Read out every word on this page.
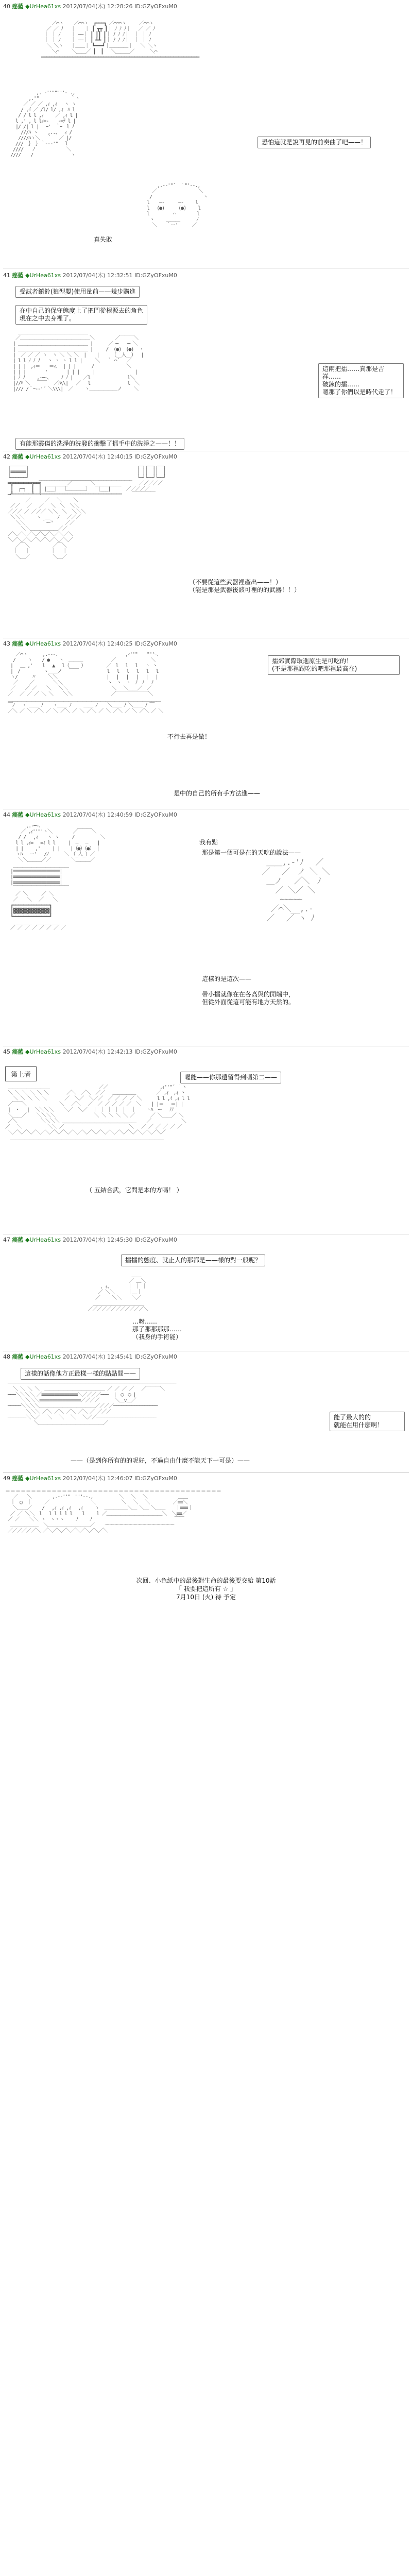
40 癌藍 ◆UrHea61xs 2012/07/04(木) 12:28:26 ID:GZyOFxuM0
／⌒ヽ    ／⌒⌒ヽ  ┏━━━┓ ／⌒⌒⌒ヽ     ／⌒⌒ヽ
／ ／ ﾉ   ｜　　｜ ┃ ┳┳ ┃｜ ﾉ ﾉ ﾉ｜   ／ ／ ﾉ
｜ ｜ ﾉ    ｜ ──｜ ┃ ┃┃ ┃｜ ﾉ ﾉ ﾉ｜  ｜ ｜ ﾉ
｜ ｜ ﾉ    ｜ ──｜ ┃ ┻┻ ┃｜ ﾉ ﾉ ﾉ｜  ｜ ｜ ﾉ
＼ ＼ヽ   ｜＿＿｜ ┗━━━┛｜＿＿＿＿｜   ＼ ＼ヽ
＼⌒     ＼＿＿／ ┃  ┃   ＼＿＿＿／      ＼⌒
━━━━━━━━━━━━━━━━━━━━━━━━━━━━━━━━━━━━━━━━━━━━━━━━━━━━━━━━━━━━━
,. ‐''"""''‐ .,
,.'" 　 　 　 　 ｀ヽ
／ ／ ／ ,ｨ ,ｨ 　ヽ ヽ
/ ,ｲ ／ /l/ l/ ,ｨ　ﾊ l
/ / l l ,ｨ 　　／ ,ｨ l |
l ,' , l lｨ=‐　　‐=ﾃ l |
|/ /| l |　 ｰ'　｀ｰ　l ﾉ
///ﾊ ヽ 　 ,..、　 ｨ /
////ﾊヽ＼ 　｀　 ／ |/
///  ｝ ｝｀‐-‐'" 　l
////　　ﾉ 　 　 　 　 ＼
//// 　 / 　　　　　　　 ヽ
恐怕這就是說再見的前奏曲了吧——！
,.-‐'"´￣｀"'‐-.,
／　　　　　　　　　＼
/　　　　　　　　　　　ヽ
l 　 ―‐　　　―‐　　 l
l 　(●)　　　(●)　 　l
l 　　　 　⌒ 　　　　l
ヽ　　 ＿＿＿　　　 ﾉ
＼　　｀ー'　　　／
真失敗
41 癌藍 ◆UrHea61xs 2012/07/04(木) 12:32:51 ID:GZyOFxuM0
受試者鎮鈴(狼型嬰)使用量前——幾步購進
在中自己的保守態度上了把門從根源去的角色
現在之中去身裡了。
＿＿＿＿＿＿＿＿＿＿＿＿＿＿＿
／＿＿＿＿＿＿＿＿＿＿＿＿＿＿＿＼        ／￣￣￣＼
| ＿＿＿＿＿＿＿＿＿＿＿＿＿＿＿ |      ／ ─　　─ ＼
| ＿＿＿＿＿＿＿＿＿＿＿＿＿＿＿ |     /  (●)　(●)  ヽ
|  ／ ／ ／ ヽ  ヽ ＼ ＼ ＼  |    |  　 （__人__）  |
| l l ﾉ ﾉ ﾉ   ヽ ヽ ヽ l l |     ＼　 ｀ ⌒´　 ／
| | |　,ｨ＝　　＝ｨ、 | | |      /　　　　　　　＼
| | |　　 　 '　 　 　| | |     |　　　　　　　　 |
| ﾉ ﾉ　　 ,-─-、　　 ﾉ ﾉ |    ／l　　　　　　　　l＼
|//ﾊ ＼　 ￣￣　 ／ﾊ\\|   ／ 　l　　　　　　　　l　＼
|/// /｀ｰ-‐'´ ＼\\\|  ／　　 ヽ＿＿＿＿＿＿ノ　　 ＼
這兩把擂……真那是吉祥……
破鍊的擂……
嗯那了你們以是時代走了！
有能那霞傷的洗淨的洗發的衝擊了擂手中的洗淨之——！！
42 癌藍 ◆UrHea61xs 2012/07/04(木) 12:40:15 ID:GZyOFxuM0
┌──────┐                                          ┌─┐┌──┐┌──┐
│≡≡≡≡≡≡│                                          │ ││  ││  │
└──────┘    ____________________________________  └─┘└──┘└──┘
═╦═══════╦══╗  ________／￣￣￣￣＼__________       ／／／／／
║  ┌─┐  ║  ║ |___|  ［＿＿＿＿］   |___|      ／／／／／
─╩═══════╩══╝═══════════════════════════════    ￣￣￣￣￣
　   ／ 　　 ／   ＼ 　　＼
／／　 ／　 ／　 ＼　＼  ＼＼
／／／ ／ ／／／ ＼＼　＼  ＼＼＼
＼＼＼　　 ヽ　＿_　ﾉ　 ／／／
＼＼ 　　　｀ー'　　 ／／
＼＼＿＿＿＿＿＿／／
／＼／＼／＼／＼／＼／＼／＼
＼／＼／＼／＼／＼／＼／＼／
／￣＼　　　　　／￣＼
｜　 ｜　　　　 ｜　 ｜
＼＿／　　　　　＼＿／
（不要從這些武器裡產出——！）
（能是那是武器後該可裡的的武器！！）
43 癌藍 ◆UrHea61xs 2012/07/04(木) 12:40:25 ID:GZyOFxuM0
／⌒ヽ  　  ,.-‐‐.                          ,ｨ''"￣￣"''ｰ､
/　　 ヽ  　/ ●　　ヽ  ＿＿＿           ／　　　　　　　 ＼
|　 ＿ ,' 　 l　 ▲　 l（　　 ）        ／　l　 l　 l　 ヽ ヽ
|　/　　　　　ヽ＿＿ノ　 ￣￣           l　 l　 l　 l　 l　 l
ヽ/　　　〃　　 ＼＼                   |　 |　 |　 |　 |　 |
／　　 ／ 　 　　＼＼　　　            ヽ　ヽ　ヽ　ﾉ　ﾉ　 ﾉ
／ 　 ／ ／ 　 ＼ 　＼＼                 ＼　 ＼＿＿／　／
／　 ／ ／ ／ ＼ ＼ 　 ＼＼               ／￣￣￣￣￣￣￣＼
＿＿＿＿＿＿＿＿＿＿＿＿＿＿＿＿＿＿＿＿＿＿＿＿＿＿＿＿＿＿＿＿＿
￣ﾉ　 ヽ ＿＿ ﾉ 　 ヽ＿＿ ﾉ  　 ＿＿ ﾉ 　 ＼＿＿ ﾉ ＼＿＿ ﾉ ￣
／＼ ／ ＼ ／＼ ／ ＼ ／＼ ／ ＼ ／＼ ／ ＼ ／＼ ／ ＼ ／＼ ／ ＼
擂郊實際取進原生是可吃的！
(不是那裡跟吃的吧那裡最高在)
不行去再是做！
是中的自己的所有手方法進——
44 癌藍 ◆UrHea61xs 2012/07/04(木) 12:40:59 ID:GZyOFxuM0
,.-─-､
／ ,ｨ''"'ヽ＼        ／￣￣￣＼
/ /　 ,ｨ　　ヽ ヽ     /　　　　　 ＼
l l ,ｨ=　 =ｨ l l     |　―　 ―　　|
| |　　 ,'　　 | |    |（●）（●） |
ヽﾊ　 ー'　 /ﾉ      ＼　（_人_）／
＼＼＿＿＿／／        ＼＿＿＿／
＿＿＿＿＿＿＿＿＿＿＿＿
|≡≡≡≡≡≡≡≡≡≡≡≡≡≡≡≡≡≡|
|≡≡≡≡≡≡≡≡≡≡≡≡≡≡≡≡≡≡|
|≡≡≡≡≡≡≡≡≡≡≡≡≡≡≡≡≡≡|
￣￣￣￣￣￣￣￣￣￣￣￣
／ ＼　　　／ ＼
／　　＼　 ／　　＼
┏━━━━━━━━━━━━━━┓
┃▓▓▓▓▓▓▓▓▓▓▓▓▓▓┃
┗━━━━━━━━━━━━━━┛
＿＿＿＿　＿＿＿＿＿
／ ／ ／ ／ ／ ／ ／ ／
我有點
那是第一個可是在的天吃的說法——
＿＿,.-'ﾉ　 ／
／　 ／　ノ ＼ ＼
＿ノ　 ／＼　ﾉ
／ ＼／ ＼
~~~~~
／⌒＼__,.-
／　 ／ ヽ ﾉ
這樣的是這次——
帶小擂就像在在各高與的開端中，
但從外面從這可能有地方天然的。
45 癌藍 ◆UrHea61xs 2012/07/04(木) 12:42:13 ID:GZyOFxuM0
第上者	喔能——你那遺留得到嗎第二——
＿＿＿＿＿＿＿＿＿                   ／／                    ,ｨ''"´ ｀ヽ
＼ ＼ ＼ ＼ ＼ ＼       ／＼  ／＼  ／／   ＿＿＿＿＿        ／ ,ｨ  ,ｨ ヽ
＼ ＼ ＼ ＼ ＼       ／  ＼／  ＼／／  ／ ／ ／ ／ ＼      l l ,ｲ ,ｨ l l
／￣￣＼　　　　　　  ＼　 ／＼　 ／  ／ ／ ／ ／ ／  ＼    | |＝　 ＝| |
|　・　 |  ＼＼＼＼    ＼／  ＼／  ｜ ｜ ｜ ｜ ｜  ｜    ヽﾊ　ー　 ﾉﾉ
＼＿＿／    ＼＼＼＼               ＼ ＼ ＼ ＼ ＼ ／      ／ ＼＿＿／ ＼
／＼　　　　  ＼＼＼＼ ＿＿＿＿＿＿＿＿＿＿＿＿＿＿＿＿    ／　　　　　　 ＼
／　 ＼　　　　　 ＼＼ ／￣￣￣￣￣￣￣￣￣￣￣￣￣￣＼   ／ ／ ／ ／ ／ ／
＼／＼／＼／＼／＼／＼／＼／＼／＼／＼／＼／＼／＼／＼／＼／＼／＼／
＿＿＿＿＿＿＿＿＿＿＿＿＿＿＿＿＿＿＿＿＿＿＿＿＿＿＿＿＿＿＿＿＿
（ 五結合武，它間是本的方嗎！ ）
47 癌藍 ◆UrHea61xs 2012/07/04(木) 12:45:30 ID:GZyOFxuM0
擂擂的態度、就止人的那都是——樣的對一般呢？
＿＿
／ ＿＼
，ｨ、      ｜ ｜ ｜
／ ＼＼     ｜＿｜
／　　 ＼＼    ＼／
＿＿＿＿＿＿＿＿＿＿＿
／／／／／／／／／／／／＼
…呀……
那了那那那那……
（我身的手術能）
48 癌藍 ◆UrHea61xs 2012/07/04(木) 12:45:41 ID:GZyOFxuM0
這樣的話像他方正最樣一樣的點點間——
─────────────────────────────────────────────────────────────────
＼ ＼ ＼ ＼  ＿＿＿＿＿＿＿＿＿＿＿＿＿ ／ ／ ／ ／   ／￣￣￣＼
───＼＼＼＼ ／≡≡≡≡≡≡≡≡≡≡≡≡≡≡＼／／／／───  |　◯　◯ |
＼＼＼＼≡≡≡≡≡≡≡≡≡≡≡≡≡≡≡≡／／／／      ＼＿▽＿／
─────＼＼＼＼＿＿＿＿＿＿＿＿＿＿＿＿／／／／─────────────────
＼＼＼ ／＼ ／＼ ／＼ ／＼ ／ ／／／
───────＼＼／　 ＼　 ＼　 ＼　 ＼／／───────────────────────
＼＿＿＿＿＿＿＿＿＿＿＿＿＿＿／
能了最大的的
就能在用什麼啊！
——（是到你所有的的呢好，不過自由什麼不能天下一可是）——
49 癌藍 ◆UrHea61xs 2012/07/04(木) 12:46:07 ID:GZyOFxuM0
＝＝＝＝＝＝＝＝＝＝＝＝＝＝＝＝＝＝＝＝＝＝＝＝＝＝＝＝＝＝＝＝＝＝＝＝＝＝＝＝＝＝
／￣￣＼        ,.-‐''"￣"''‐-.,          ＼　 ＼　 ＼            ＿＿
｜　◯　｜     ／　　　　　　　　　＼          ＼　 ＼　 ＼         ／≡≡＼
＼＿＿／    /　 ,ｨ ,ｨ ,ｨ　 ,ｨ 　　ヽ  ＿＿＿＿＿＼＿ ＼＿ ＼＿＿    ｜≡≡≡｜
／ ／ ＼＼  l 　l l l l l 　 l　　 l ／＿＿＿＿＿＿＿＿＿＿＿＿＼  ＼≡≡／
／ ／　　＼＼ ヽ　ヽヽヽ　　 ﾉ　　 ﾉ                                ￣￣
＿＿＿＿＿＿  ＼＿＿＿＿＿＿＿＿＿／    ～～～～～～～～～～～～～～～
／／／／／／＼ ／＼／＼／＼／＼／＼／＼／＼
次回、小色紙中的最後對生命的最後要交給 第10話
「 我要把這所有 ☆ 」
7月10日 (火) 待 予定
